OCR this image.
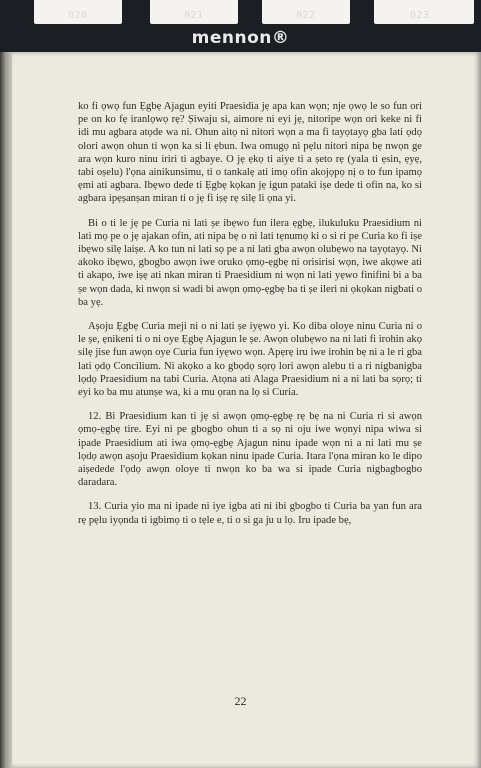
020	021	022	023
mennon®

ko fi ọwọ fun Ẹgbẹ Ajagun eyiti Praesidia jẹ apa kan wọn; nje ọwọ le so fun ori pe on ko fẹ iranlọwọ rẹ? Ṣiwaju si, aimore ni eyi jẹ, nitoripe wọn ori keke ni fi idi mu agbara atọde wa ni. Ohun aitọ ni nitori wọn a ma fi tayọtayọ gba lati ọdọ olori awọn ohun ti wọn ka si li ẹbun. Iwa omugọ ni pẹlu nitori nipa bẹ nwọn ge ara wọn kuro ninu iriri ti agbaye. O jẹ ẹkọ ti aiye ti a ṣeto rẹ (yala ti ẹsin, ẹyẹ, tabi oṣelu) l'ọna ainikunsimu, ti o tankalẹ ati imọ ofin akojọpọ nị o to fun ipamọ ẹmi ati agbara. Ibẹwo dede ti Ẹgbẹ kọkan jẹ igun pataki iṣe dede ti ofin na, ko si agbara ipẹṣanṣan miran ti o jẹ fi iṣẹ rẹ silẹ li ọna yi.

Bi o ti le jẹ pe Curia ni lati ṣe ibẹwo fun ilera ẹgbẹ, ilukuluku Praesidium ni lati mọ pe o jẹ ajakan ofin, ati nipa bẹ o ni lati tẹnumọ ki o si ri pe Curia ko fi iṣe ibẹwo silẹ laiṣe. A ko tun ni lati sọ pe a ni lati gba awọn olubẹwo na tayọtayọ. Ni akoko ibẹwo, gbogbo awọn iwe oruko ọmọ-ẹgbẹ ni orisirisi wọn, iwe akọwe ati ti akapo, iwe iṣẹ ati nkan miran ti Praesidium ni wọn ni lati yẹwo finifini bi a ba ṣe wọn dada, ki nwọn si wadi bi awọn ọmọ-ẹgbẹ ba ti ṣe ileri ni ọkọkan nigbati o ba yẹ.

Aṣoju Ẹgbẹ Curia meji ni o ni lati ṣe iyẹwo yi. Ko diba oloye ninu Curia ni o le ṣe, ẹnikeni ti o ni oye Ẹgbẹ Ajagun le ṣe. Awọn olubẹwo na ni lati fi irohin akọ silẹ jise fun awọn oye Curia fun iyẹwo wọn. Apẹrẹ iru iwe irohin bẹ ni a le ri gba lati ọdọ Concilium. Ni akọko a ko gbọdọ sọrọ lori awọn alebu ti a ri nigbanigba lọdọ Praesidium na tabi Curia. Atọna ati Alaga Praesidium ni a ni lati ba sọrọ; ti eyi ko ba mu atunṣe wa, ki a mu ọran na lọ si Curia.

12. Bi Praesidium kan ti jẹ si awọn ọmọ-ẹgbẹ rẹ bẹ na ni Curia ri si awọn ọmọ-ẹgbẹ tire. Eyi ni pe gbogbo ohun ti a sọ ni oju iwe wọnyi nipa wiwa si ipade Praesidium ati iwa ọmọ-ẹgbẹ Ajagun ninu ipade wọn ni a ni lati mu ṣe lọdọ awọn aṣoju Praesidium kọkan ninu ipade Curia. Itara l'ọna miran ko le dipo aiṣedede l'ọdọ awọn oloye ti nwọn ko ba wa si ipade Curia nigbagbogbo daradara.

13. Curia yio ma ni ipade ni iye igba ati ni ibi gbogbo ti Curia ba yan fun ara rẹ pẹlu iyọnda ti igbimọ ti o tẹle e, ti o si ga ju u lọ. Iru ipade bẹ,

22
